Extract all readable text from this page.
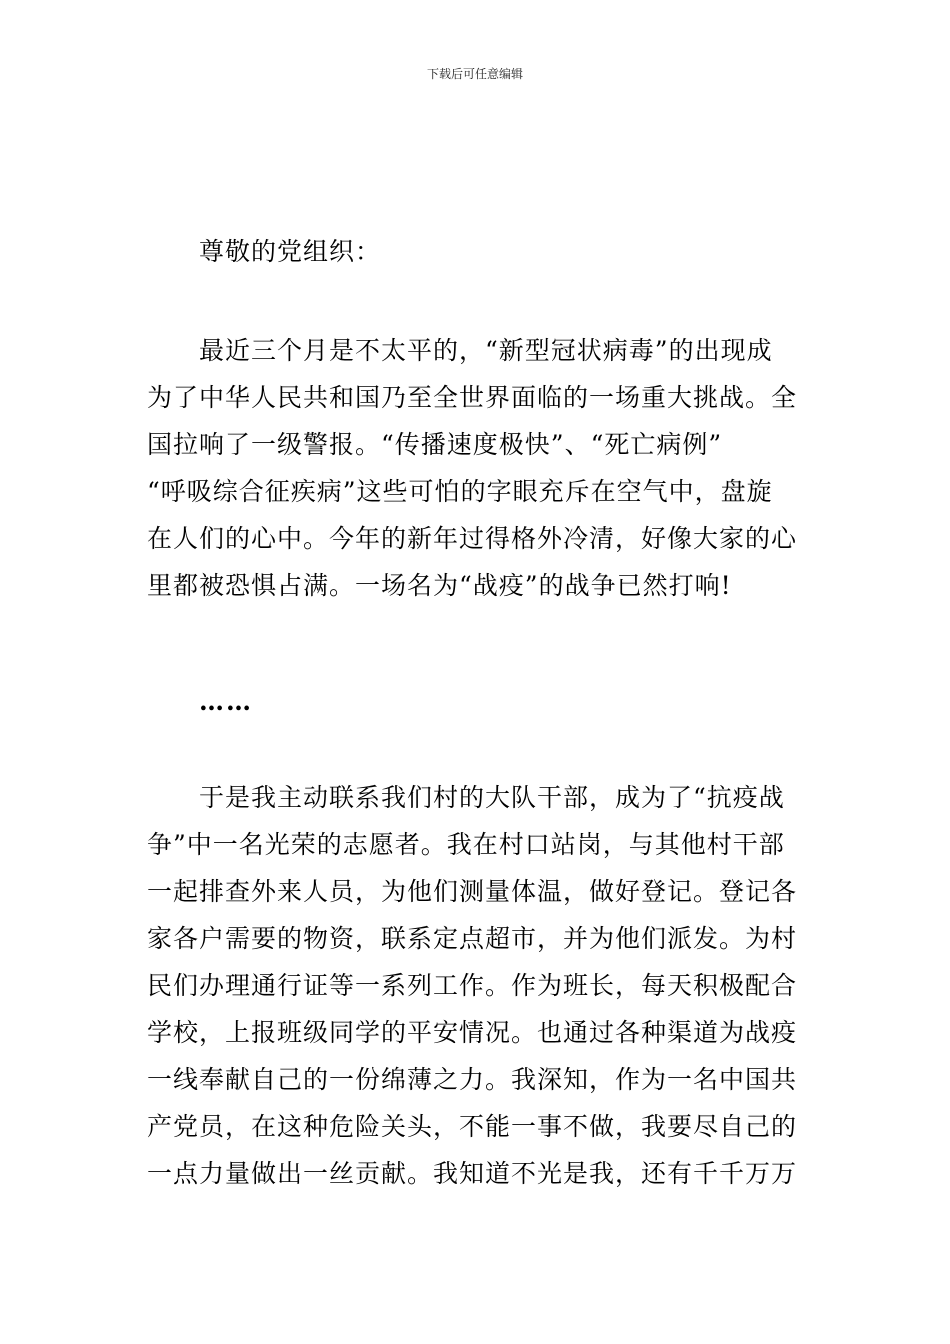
下载后可任意编辑
尊敬的党组织：
最近三个月是不太平的，“新型冠状病毒”的出现成
为了中华人民共和国乃至全世界面临的一场重大挑战。全
国拉响了一级警报。“传播速度极快”、“死亡病例”
“呼吸综合征疾病”这些可怕的字眼充斥在空气中，盘旋
在人们的心中。今年的新年过得格外冷清，好像大家的心
里都被恐惧占满。一场名为“战疫”的战争已然打响!
……
于是我主动联系我们村的大队干部，成为了“抗疫战
争”中一名光荣的志愿者。我在村口站岗，与其他村干部
一起排查外来人员，为他们测量体温，做好登记。登记各
家各户需要的物资，联系定点超市，并为他们派发。为村
民们办理通行证等一系列工作。作为班长，每天积极配合
学校，上报班级同学的平安情况。也通过各种渠道为战疫
一线奉献自己的一份绵薄之力。我深知，作为一名中国共
产党员，在这种危险关头，不能一事不做，我要尽自己的
一点力量做出一丝贡献。我知道不光是我，还有千千万万
